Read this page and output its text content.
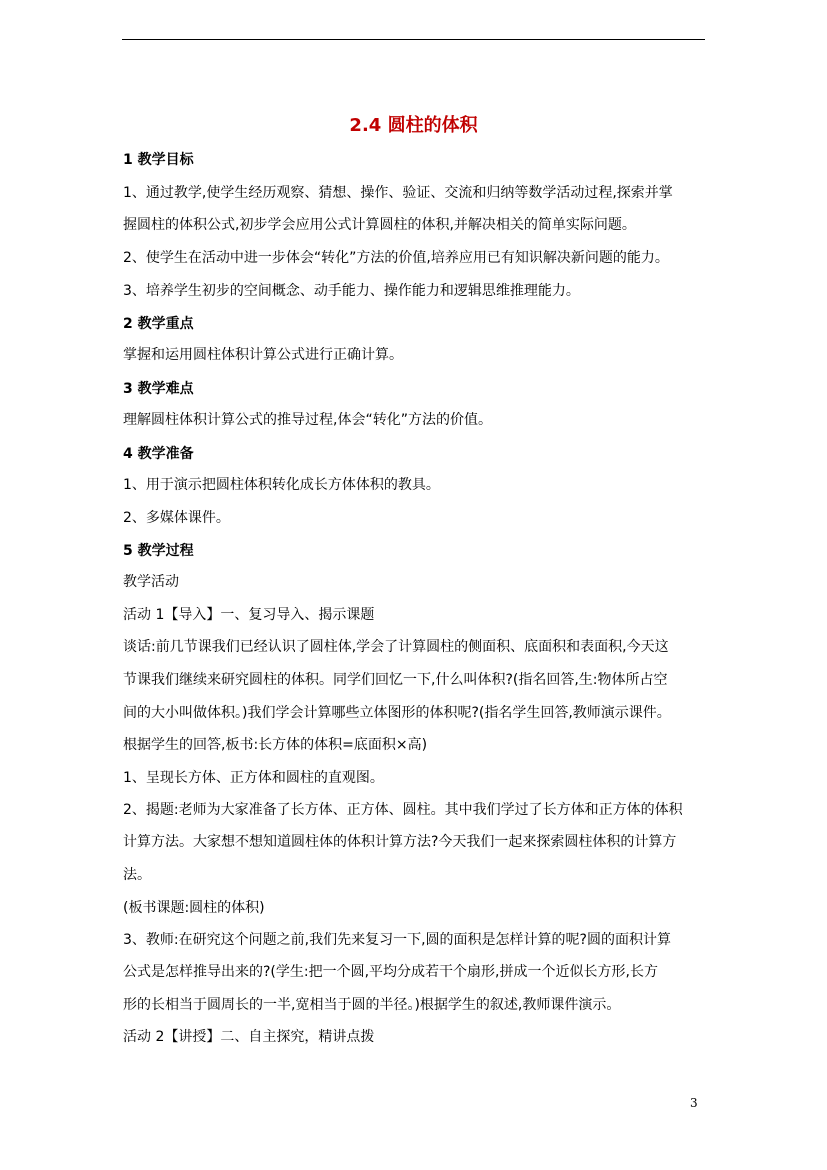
2.4 圆柱的体积
1 教学目标
1、通过教学,使学生经历观察、猜想、操作、验证、交流和归纳等数学活动过程,探索并掌
握圆柱的体积公式,初步学会应用公式计算圆柱的体积,并解决相关的简单实际问题。
2、使学生在活动中进一步体会“转化”方法的价值,培养应用已有知识解决新问题的能力。
3、培养学生初步的空间概念、动手能力、操作能力和逻辑思维推理能力。
2 教学重点
掌握和运用圆柱体积计算公式进行正确计算。
3 教学难点
理解圆柱体积计算公式的推导过程,体会“转化”方法的价值。
4 教学准备
1、用于演示把圆柱体积转化成长方体体积的教具。
2、多媒体课件。
5 教学过程
教学活动
活动 1【导入】一、复习导入、揭示课题
谈话:前几节课我们已经认识了圆柱体,学会了计算圆柱的侧面积、底面积和表面积,今天这
节课我们继续来研究圆柱的体积。同学们回忆一下,什么叫体积?(指名回答,生:物体所占空
间的大小叫做体积。)我们学会计算哪些立体图形的体积呢?(指名学生回答,教师演示课件。
根据学生的回答,板书:长方体的体积=底面积×高)
1、呈现长方体、正方体和圆柱的直观图。
2、揭题:老师为大家准备了长方体、正方体、圆柱。其中我们学过了长方体和正方体的体积
计算方法。大家想不想知道圆柱体的体积计算方法?今天我们一起来探索圆柱体积的计算方
法。
(板书课题:圆柱的体积)
3、教师:在研究这个问题之前,我们先来复习一下,圆的面积是怎样计算的呢?圆的面积计算
公式是怎样推导出来的?(学生:把一个圆,平均分成若干个扇形,拼成一个近似长方形,长方
形的长相当于圆周长的一半,宽相当于圆的半径。)根据学生的叙述,教师课件演示。
活动 2【讲授】二、自主探究，精讲点拨
3
